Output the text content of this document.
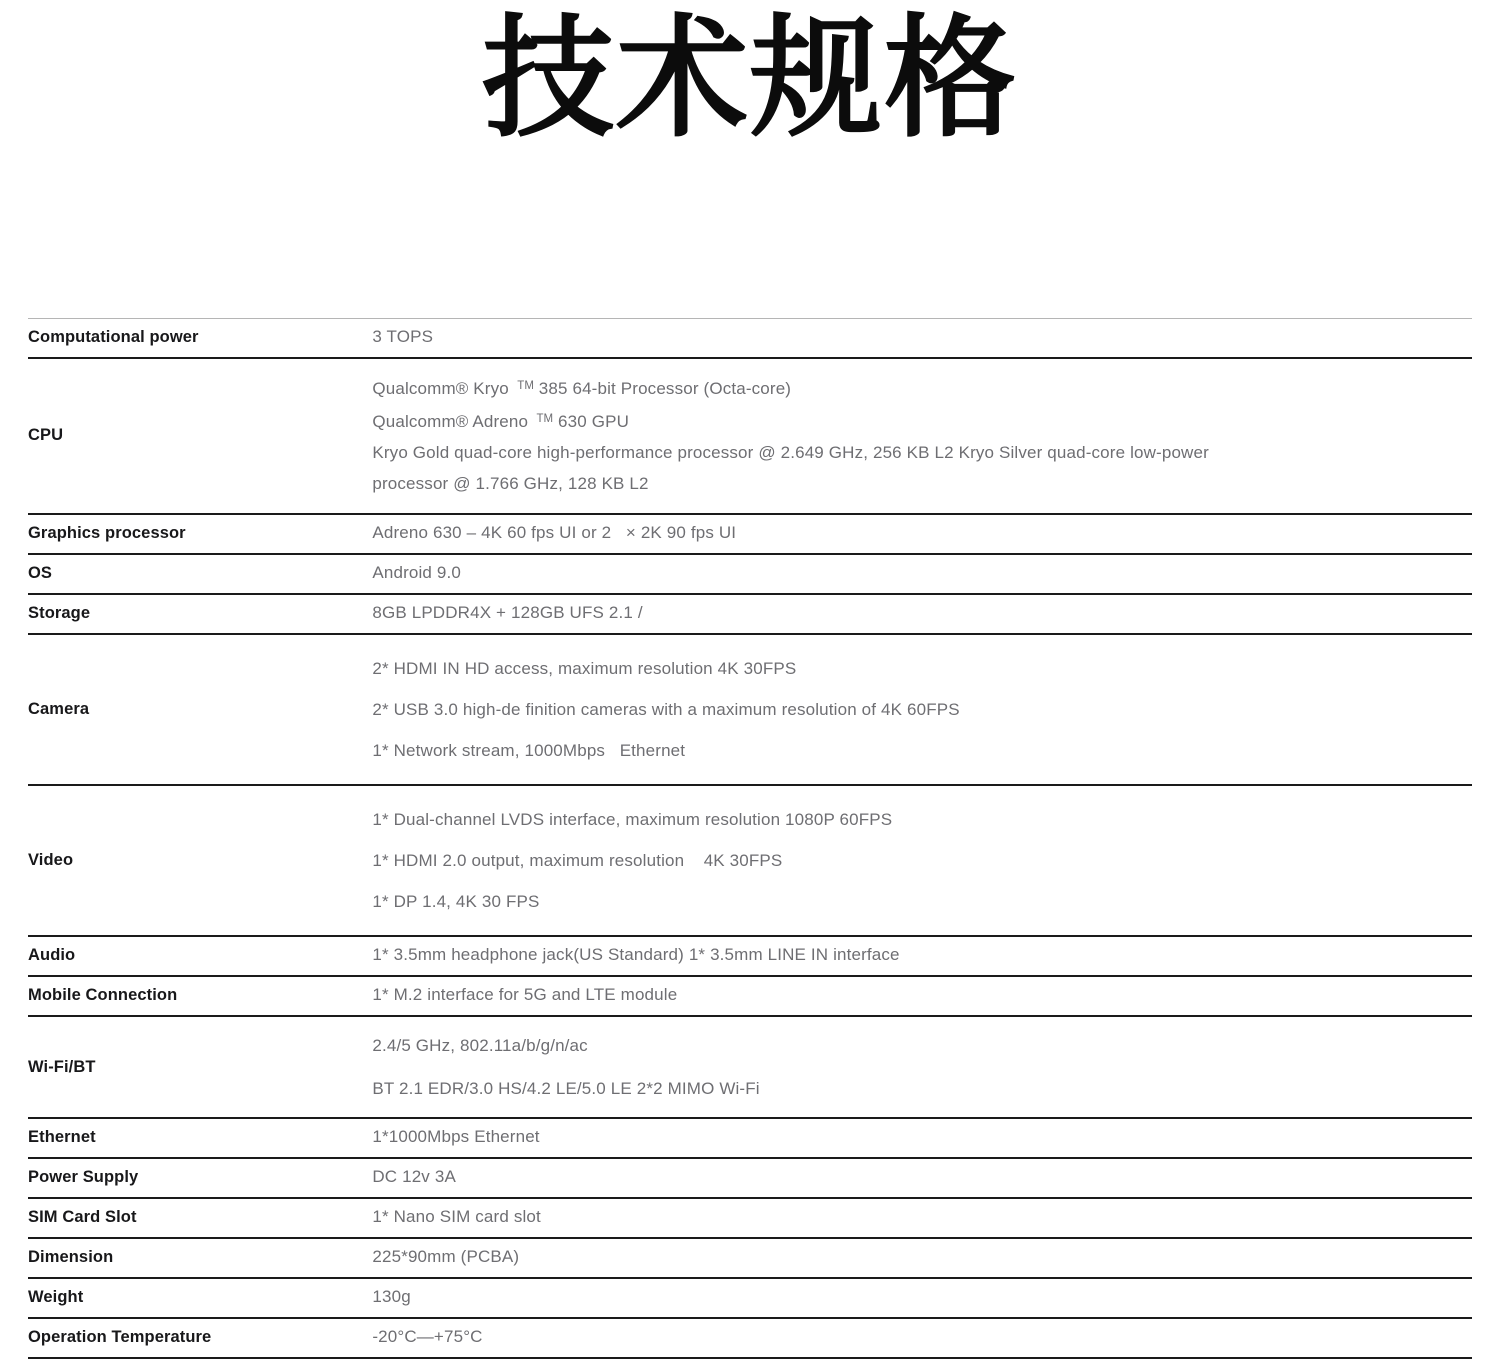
技术规格
Computational power	3 TOPS

CPU	Qualcomm® Kryo  ™ 385 64-bit Processor (Octa-core)
Qualcomm® Adreno  ™ 630 GPU
Kryo Gold quad-core high-performance processor @ 2.649 GHz, 256 KB L2 Kryo Silver quad-core low-power
processor @ 1.766 GHz, 128 KB L2

Graphics processor	Adreno 630 – 4K 60 fps UI or 2   × 2K 90 fps UI

OS	Android 9.0

Storage	8GB LPDDR4X + 128GB UFS 2.1 /

Camera	2* HDMI IN HD access, maximum resolution 4K 30FPS
2* USB 3.0 high-de finition cameras with a maximum resolution of 4K 60FPS
1* Network stream, 1000Mbps   Ethernet

Video	1* Dual-channel LVDS interface, maximum resolution 1080P 60FPS
1* HDMI 2.0 output, maximum resolution    4K 30FPS
1* DP 1.4, 4K 30 FPS

Audio	1* 3.5mm headphone jack(US Standard) 1* 3.5mm LINE IN interface

Mobile Connection	1* M.2 interface for 5G and LTE module

Wi-Fi/BT	2.4/5 GHz, 802.11a/b/g/n/ac
BT 2.1 EDR/3.0 HS/4.2 LE/5.0 LE 2*2 MIMO Wi-Fi

Ethernet	1*1000Mbps Ethernet

Power Supply	DC 12v 3A

SIM Card Slot	1* Nano SIM card slot

Dimension	225*90mm (PCBA)

Weight	130g

Operation Temperature	-20°C—+75°C
